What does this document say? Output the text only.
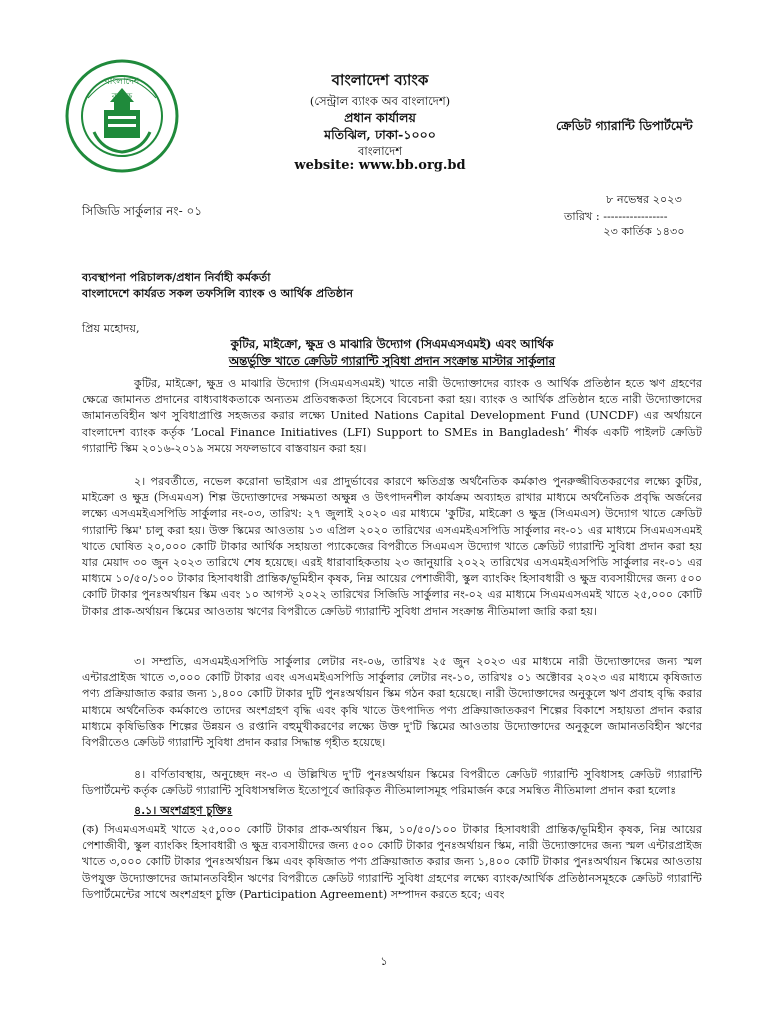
বাংলাদেশ ব্যাংক
বাংলাদেশ ব্যাংক
(সেন্ট্রাল ব্যাংক অব বাংলাদেশ)
প্রধান কার্যালয়
মতিঝিল, ঢাকা-১০০০
বাংলাদেশ
website: www.bb.org.bd
ক্রেডিট গ্যারান্টি ডিপার্টমেন্ট
সিজিডি সার্কুলার নং- ০১
৮ নভেম্বর ২০২৩
তারিখ : -----------------
২৩ কার্তিক ১৪৩০
ব্যবস্থাপনা পরিচালক/প্রধান নির্বাহী কর্মকর্তা
বাংলাদেশে কার্যরত সকল তফসিলি ব্যাংক ও আর্থিক প্রতিষ্ঠান
প্রিয় মহোদয়,
কুটির, মাইক্রো, ক্ষুদ্র ও মাঝারি উদ্যোগ (সিএমএসএমই) এবং আর্থিক
অন্তর্ভুক্তি খাতে ক্রেডিট গ্যারান্টি সুবিধা প্রদান সংক্রান্ত মাস্টার সার্কুলার
কুটির, মাইক্রো, ক্ষুদ্র ও মাঝারি উদ্যোগ (সিএমএসএমই) খাতে নারী উদ্যোক্তাদের ব্যাংক ও আর্থিক প্রতিষ্ঠান হতে ঋণ গ্রহণের ক্ষেত্রে জামানত প্রদানের বাধ্যবাধকতাকে অন্যতম প্রতিবন্ধকতা হিসেবে বিবেচনা করা হয়। ব্যাংক ও আর্থিক প্রতিষ্ঠান হতে নারী উদ্যোক্তাদের জামানতবিহীন ঋণ সুবিধাপ্রাপ্তি সহজতর করার লক্ষ্যে United Nations Capital Development Fund (UNCDF) এর অর্থায়নে বাংলাদেশ ব্যাংক কর্তৃক ‘Local Finance Initiatives (LFI) Support to SMEs in Bangladesh’ শীর্ষক একটি পাইলট ক্রেডিট গ্যারান্টি স্কিম ২০১৬-২০১৯ সময়ে সফলভাবে বাস্তবায়ন করা হয়।
২। পরবর্তীতে, নভেল করোনা ভাইরাস এর প্রাদুর্ভাবের কারণে ক্ষতিগ্রস্ত অর্থনৈতিক কর্মকাণ্ড পুনরুজ্জীবিতকরণের লক্ষ্যে কুটির, মাইক্রো ও ক্ষুদ্র (সিএমএস) শিল্প উদ্যোক্তাদের সক্ষমতা অক্ষুন্ন ও উৎপাদনশীল কার্যক্রম অব্যাহত রাখার মাধ্যমে অর্থনৈতিক প্রবৃদ্ধি অর্জনের লক্ষ্যে এসএমইএসপিডি সার্কুলার নং-০৩, তারিখ: ২৭ জুলাই ২০২০ এর মাধ্যমে 'কুটির, মাইক্রো ও ক্ষুদ্র (সিএমএস) উদ্যোগ খাতে ক্রেডিট গ্যারান্টি স্কিম' চালু করা হয়। উক্ত স্কিমের আওতায় ১৩ এপ্রিল ২০২০ তারিখের এসএমইএসপিডি সার্কুলার নং-০১ এর মাধ্যমে সিএমএসএমই খাতে ঘোষিত ২০,০০০ কোটি টাকার আর্থিক সহায়তা প্যাকেজের বিপরীতে সিএমএস উদ্যোগ খাতে ক্রেডিট গ্যারান্টি সুবিধা প্রদান করা হয় যার মেয়াদ ৩০ জুন ২০২৩ তারিখে শেষ হয়েছে। এরই ধারাবাহিকতায় ২৩ জানুয়ারি ২০২২ তারিখের এসএমইএসপিডি সার্কুলার নং-০১ এর মাধ্যমে ১০/৫০/১০০ টাকার হিসাবধারী প্রান্তিক/ভূমিহীন কৃষক, নিম্ন আয়ের পেশাজীবী, স্কুল ব্যাংকিং হিসাবধারী ও ক্ষুদ্র ব্যবসায়ীদের জন্য ৫০০ কোটি টাকার পুনঃঅর্থায়ন স্কিম এবং ১০ আগস্ট ২০২২ তারিখের সিজিডি সার্কুলার নং-০২ এর মাধ্যমে সিএমএসএমই খাতে ২৫,০০০ কোটি টাকার প্রাক-অর্থায়ন স্কিমের আওতায় ঋণের বিপরীতে ক্রেডিট গ্যারান্টি সুবিধা প্রদান সংক্রান্ত নীতিমালা জারি করা হয়।
৩। সম্প্রতি, এসএমইএসপিডি সার্কুলার লেটার নং-০৬, তারিখঃ ২৫ জুন ২০২৩ এর মাধ্যমে নারী উদ্যোক্তাদের জন্য স্মল এন্টারপ্রাইজ খাতে ৩,০০০ কোটি টাকার এবং এসএমইএসপিডি সার্কুলার লেটার নং-১০, তারিখঃ ০১ অক্টোবর ২০২৩ এর মাধ্যমে কৃষিজাত পণ্য প্রক্রিয়াজাত করার জন্য ১,৪০০ কোটি টাকার দুটি পুনঃঅর্থায়ন স্কিম গঠন করা হয়েছে। নারী উদ্যোক্তাদের অনুকূলে ঋণ প্রবাহ বৃদ্ধি করার মাধ্যমে অর্থনৈতিক কর্মকাণ্ডে তাদের অংশগ্রহণ বৃদ্ধি এবং কৃষি খাতে উৎপাদিত পণ্য প্রক্রিয়াজাতকরণ শিল্পের বিকাশে সহায়তা প্রদান করার মাধ্যমে কৃষিভিত্তিক শিল্পের উন্নয়ন ও রপ্তানি বহুমুখীকরণের লক্ষ্যে উক্ত দু'টি স্কিমের আওতায় উদ্যোক্তাদের অনুকূলে জামানতবিহীন ঋণের বিপরীতেও ক্রেডিট গ্যারান্টি সুবিধা প্রদান করার সিদ্ধান্ত গৃহীত হয়েছে।
৪। বর্ণিতাবস্থায়, অনুচ্ছেদ নং-৩ এ উল্লিখিত দু'টি পুনঃঅর্থায়ন স্কিমের বিপরীতে ক্রেডিট গ্যারান্টি সুবিধাসহ ক্রেডিট গ্যারান্টি ডিপার্টমেন্ট কর্তৃক ক্রেডিট গ্যারান্টি সুবিধাসম্বলিত ইতোপূর্বে জারিকৃত নীতিমালাসমূহ পরিমার্জন করে সমন্বিত নীতিমালা প্রদান করা হলোঃ
৪.১। অংশগ্রহণ চুক্তিঃ
(ক) সিএমএসএমই খাতে ২৫,০০০ কোটি টাকার প্রাক-অর্থায়ন স্কিম, ১০/৫০/১০০ টাকার হিসাবধারী প্রান্তিক/ভূমিহীন কৃষক, নিম্ন আয়ের পেশাজীবী, স্কুল ব্যাংকিং হিসাবধারী ও ক্ষুদ্র ব্যবসায়ীদের জন্য ৫০০ কোটি টাকার পুনঃঅর্থায়ন স্কিম, নারী উদ্যোক্তাদের জন্য স্মল এন্টারপ্রাইজ খাতে ৩,০০০ কোটি টাকার পুনঃঅর্থায়ন স্কিম এবং কৃষিজাত পণ্য প্রক্রিয়াজাত করার জন্য ১,৪০০ কোটি টাকার পুনঃঅর্থায়ন স্কিমের আওতায় উপযুক্ত উদ্যোক্তাদের জামানতবিহীন ঋণের বিপরীতে ক্রেডিট গ্যারান্টি সুবিধা গ্রহণের লক্ষ্যে ব্যাংক/আর্থিক প্রতিষ্ঠানসমূহকে ক্রেডিট গ্যারান্টি ডিপার্টমেন্টের সাথে অংশগ্রহণ চুক্তি (Participation Agreement) সম্পাদন করতে হবে; এবং
১
